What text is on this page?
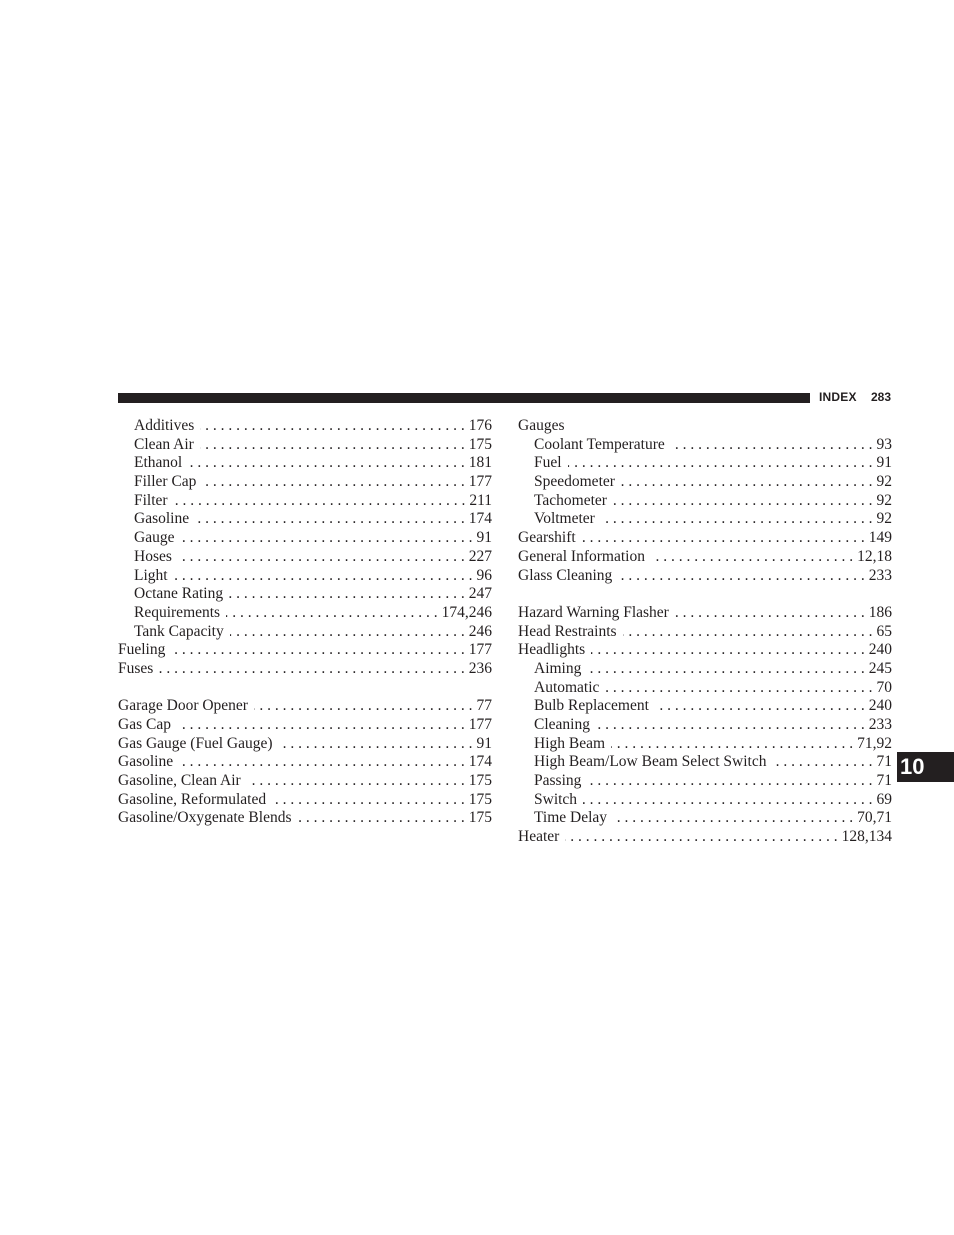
INDEX 283
Additives . . .	176
Clean Air . . .	175
Ethanol . . .	181
Filler Cap . . .	177
Filter . . .	211
Gasoline . . .	174
Gauge . . .	91
Hoses . . .	227
Light . . .	96
Octane Rating . . .	247
Requirements . . .	174,246
Tank Capacity . . .	246
Fueling . . .	177
Fuses . . .	236
Garage Door Opener . . .	77
Gas Cap . . .	177
Gas Gauge (Fuel Gauge) . . .	91
Gasoline . . .	174
Gasoline, Clean Air . . .	175
Gasoline, Reformulated . . .	175
Gasoline/Oxygenate Blends . . .	175
Gauges
Coolant Temperature . . .	93
Fuel . . .	91
Speedometer . . .	92
Tachometer . . .	92
Voltmeter . . .	92
Gearshift . . .	149
General Information . . .	12,18
Glass Cleaning . . .	233
Hazard Warning Flasher . . .	186
Head Restraints . . .	65
Headlights . . .	240
Aiming . . .	245
Automatic . . .	70
Bulb Replacement . . .	240
Cleaning . . .	233
High Beam . . .	71,92
High Beam/Low Beam Select Switch . . .	71
Passing . . .	71
Switch . . .	69
Time Delay . . .	70,71
Heater . . .	128,134
10
